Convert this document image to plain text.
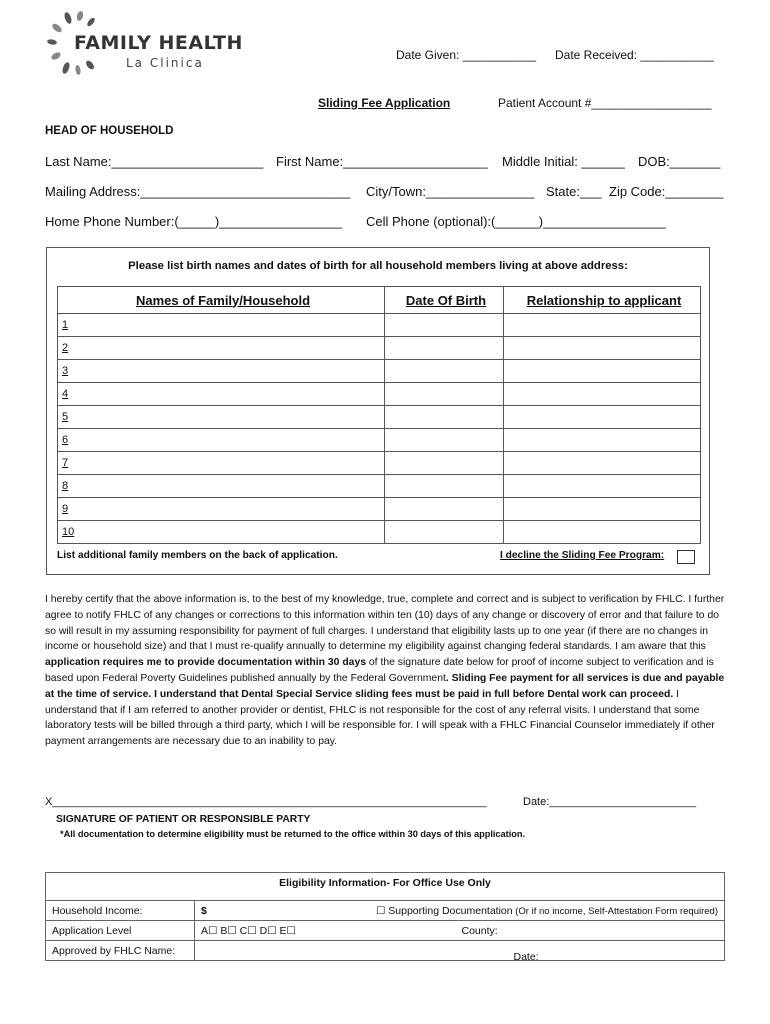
FAMILY HEALTH
La Clinica
Date Given: ___________ Date Received: ___________
Sliding Fee Application	Patient Account #__________________
HEAD OF HOUSEHOLD
Last Name:_____________________ First Name:____________________ Middle Initial: ______ DOB:_______
Mailing Address:_____________________________ City/Town:_______________ State:___ Zip Code:________
Home Phone Number:(_____)_________________ Cell Phone (optional):(______)_________________
Please list birth names and dates of birth for all household members living at above address:
Names of Family/Household	Date Of Birth	Relationship to applicant
1		
2		
3		
4		
5		
6		
7		
8		
9		
10		
List additional family members on the back of application.	I decline the Sliding Fee Program:
I hereby certify that the above information is, to the best of my knowledge, true, complete and correct and is subject to verification by FHLC. I further agree to notify FHLC of any changes or corrections to this information within ten (10) days of any change or discovery of error and that failure to do so will result in my assuming responsibility for payment of full charges. I understand that eligibility lasts up to one year (if there are no changes in income or household size) and that I must re-qualify annually to determine my eligibility against changing federal standards. I am aware that this application requires me to provide documentation within 30 days of the signature date below for proof of income subject to verification and is based upon Federal Poverty Guidelines published annually by the Federal Government. Sliding Fee payment for all services is due and payable at the time of service. I understand that Dental Special Service sliding fees must be paid in full before Dental work can proceed. I understand that if I am referred to another provider or dentist, FHLC is not responsible for the cost of any referral visits. I understand that some laboratory tests will be billed through a third party, which I will be responsible for. I will speak with a FHLC Financial Counselor immediately if other payment arrangements are necessary due to an inability to pay.
X_______________________________________________________________________	Date:________________________
SIGNATURE OF PATIENT OR RESPONSIBLE PARTY
*All documentation to determine eligibility must be returned to the office within 30 days of this application.
Eligibility Information- For Office Use Only
Household Income:	$ ☐ Supporting Documentation (Or if no income, Self-Attestation Form required)

Application Level	A☐ B☐ C☐ D☐ E☐ County:

Approved by FHLC Name:	Date:
